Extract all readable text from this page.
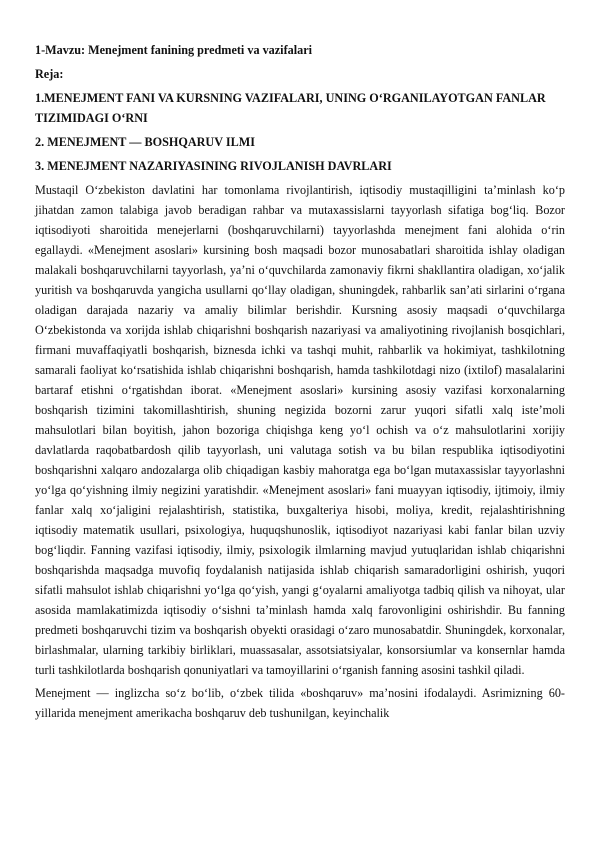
1-Mavzu: Menejment fanining predmeti va vazifalari
Reja:
1.MENEJMENT FANI VA KURSNING VAZIFALARI, UNING O‘RGANILAYOTGAN FANLAR TIZIMIDAGI O‘RNI
2. MENEJMENT — BOSHQARUV ILMI
3. MENEJMENT NAZARIYASINING RIVOJLANISH DAVRLARI

Mustaqil O‘zbekiston davlatini har tomonlama rivojlantirish, iqtisodiy mustaqilligini ta’minlash ko‘p jihatdan zamon talabiga javob beradigan rahbar va mutaxassislarni tayyorlash sifatiga bog‘liq. Bozor iqtisodiyoti sharoitida menejerlarni (boshqaruvchilarni) tayyorlashda menejment fani alohida o‘rin egallaydi. «Menejment asoslari» kursining bosh maqsadi bozor munosabatlari sharoitida ishlay oladigan malakali boshqaruvchilarni tayyorlash, ya’ni o‘quvchilarda zamonaviy fikrni shakllantira oladigan, xo‘jalik yuritish va boshqaruvda yangicha usullarni qo‘llay oladigan, shuningdek, rahbarlik san’ati sirlarini o‘rgana oladigan darajada nazariy va amaliy bilimlar berishdir. Kursning asosiy maqsadi o‘quvchilarga O‘zbekistonda va xorijda ishlab chiqarishni boshqarish nazariyasi va amaliyotining rivojlanish bosqichlari, firmani muvaffaqiyatli boshqarish, biznesda ichki va tashqi muhit, rahbarlik va hokimiyat, tashkilotning samarali faoliyat ko‘rsatishida ishlab chiqarishni boshqarish, hamda tashkilotdagi nizo (ixtilof) masalalarini bartaraf etishni o‘rgatishdan iborat. «Menejment asoslari» kursining asosiy vazifasi korxonalarning boshqarish tizimini takomillashtirish, shuning negizida bozorni zarur yuqori sifatli xalq iste’moli mahsulotlari bilan boyitish, jahon bozoriga chiqishga keng yo‘l ochish va o‘z mahsulotlarini xorijiy davlatlarda raqobatbardosh qilib tayyorlash, uni valutaga sotish va bu bilan respublika iqtisodiyotini boshqarishni xalqaro andozalarga olib chiqadigan kasbiy mahoratga ega bo‘lgan mutaxassislar tayyorlashni yo‘lga qo‘yishning ilmiy negizini yaratishdir. «Menejment asoslari» fani muayyan iqtisodiy, ijtimoiy, ilmiy fanlar xalq xo‘jaligini rejalashtirish, statistika, buxgalteriya hisobi, moliya, kredit, rejalashtirishning iqtisodiy matematik usullari, psixologiya, huquqshunoslik, iqtisodiyot nazariyasi kabi fanlar bilan uzviy bog‘liqdir. Fanning vazifasi iqtisodiy, ilmiy, psixologik ilmlarning mavjud yutuqlaridan ishlab chiqarishni boshqarishda maqsadga muvofiq foydalanish natijasida ishlab chiqarish samaradorligini oshirish, yuqori sifatli mahsulot ishlab chiqarishni yo‘lga qo‘yish, yangi g‘oyalarni amaliyotga tadbiq qilish va nihoyat, ular asosida mamlakatimizda iqtisodiy o‘sishni ta’minlash hamda xalq farovonligini oshirishdir. Bu fanning predmeti boshqaruvchi tizim va boshqarish obyekti orasidagi o‘zaro munosabatdir. Shuningdek, korxonalar, birlashmalar, ularning tarkibiy birliklari, muassasalar, assotsiatsiyalar, konsorsiumlar va konsernlar hamda turli tashkilotlarda boshqarish qonuniyatlari va tamoyillarini o‘rganish fanning asosini tashkil qiladi.

Menejment — inglizcha so‘z bo‘lib, o‘zbek tilida «boshqaruv» ma’nosini ifodalaydi. Asrimizning 60-yillarida menejment amerikacha boshqaruv deb tushunilgan, keyinchalik
